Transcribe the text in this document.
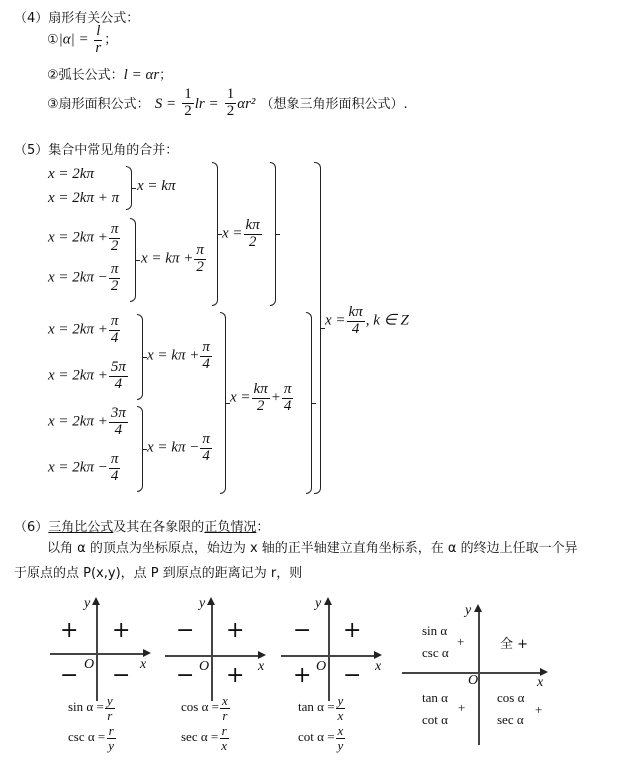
（4）扇形有关公式：
①|α| = $\frac{l}{r}$ ；
②弧长公式：l = αr；
③扇形面积公式： $S = \frac{1}{2}$ lr = $\frac{1}{2} \alpha r^2$ （想象三角形面积公式）.
（5）集合中常见角的合并：
x = 2kπ
x = 2kπ + π
$x = 2k\pi + \frac{\pi}{2}$
$x = 2k\pi - \frac{\pi}{2}$
$x = 2k\pi + \frac{\pi}{4}$
$x = 2k\pi + \frac{5\pi}{4}$
$x = 2k\pi + \frac{3\pi}{4}$
$x = 2k\pi - \frac{\pi}{4}$
x = kπ
$x = k\pi + \frac{\pi}{2}$
$x = k\pi + \frac{\pi}{4}$
$x = k\pi - \frac{\pi}{4}$
$x = \frac{k\pi}{2}$
$x = \frac{k\pi}{2} + \frac{\pi}{4}$
$x = \frac{k\pi}{4}$ , k ∈ Z
（6）三角比公式及其在各象限的正负情况：
以角 α 的顶点为坐标原点，始边为 x 轴的正半轴建立直角坐标系，在 α 的终边上任取一个异
于原点的点 P(x,y)，点 P 到原点的距离记为 r，则
y
x
O
+ +
− −
$\sin \alpha = \frac{y}{r}$
$\csc \alpha = \frac{r}{y}$
y
x
O
− +
− +
$\cos \alpha = \frac{x}{r}$
$\sec \alpha = \frac{r}{x}$
y
x
O
− +
+ −
$\tan \alpha = \frac{y}{x}$
$\cot \alpha = \frac{x}{y}$
y
x
O
sin α
csc α
+	全 +
tan α
cot α
+
cos α
sec α
+
